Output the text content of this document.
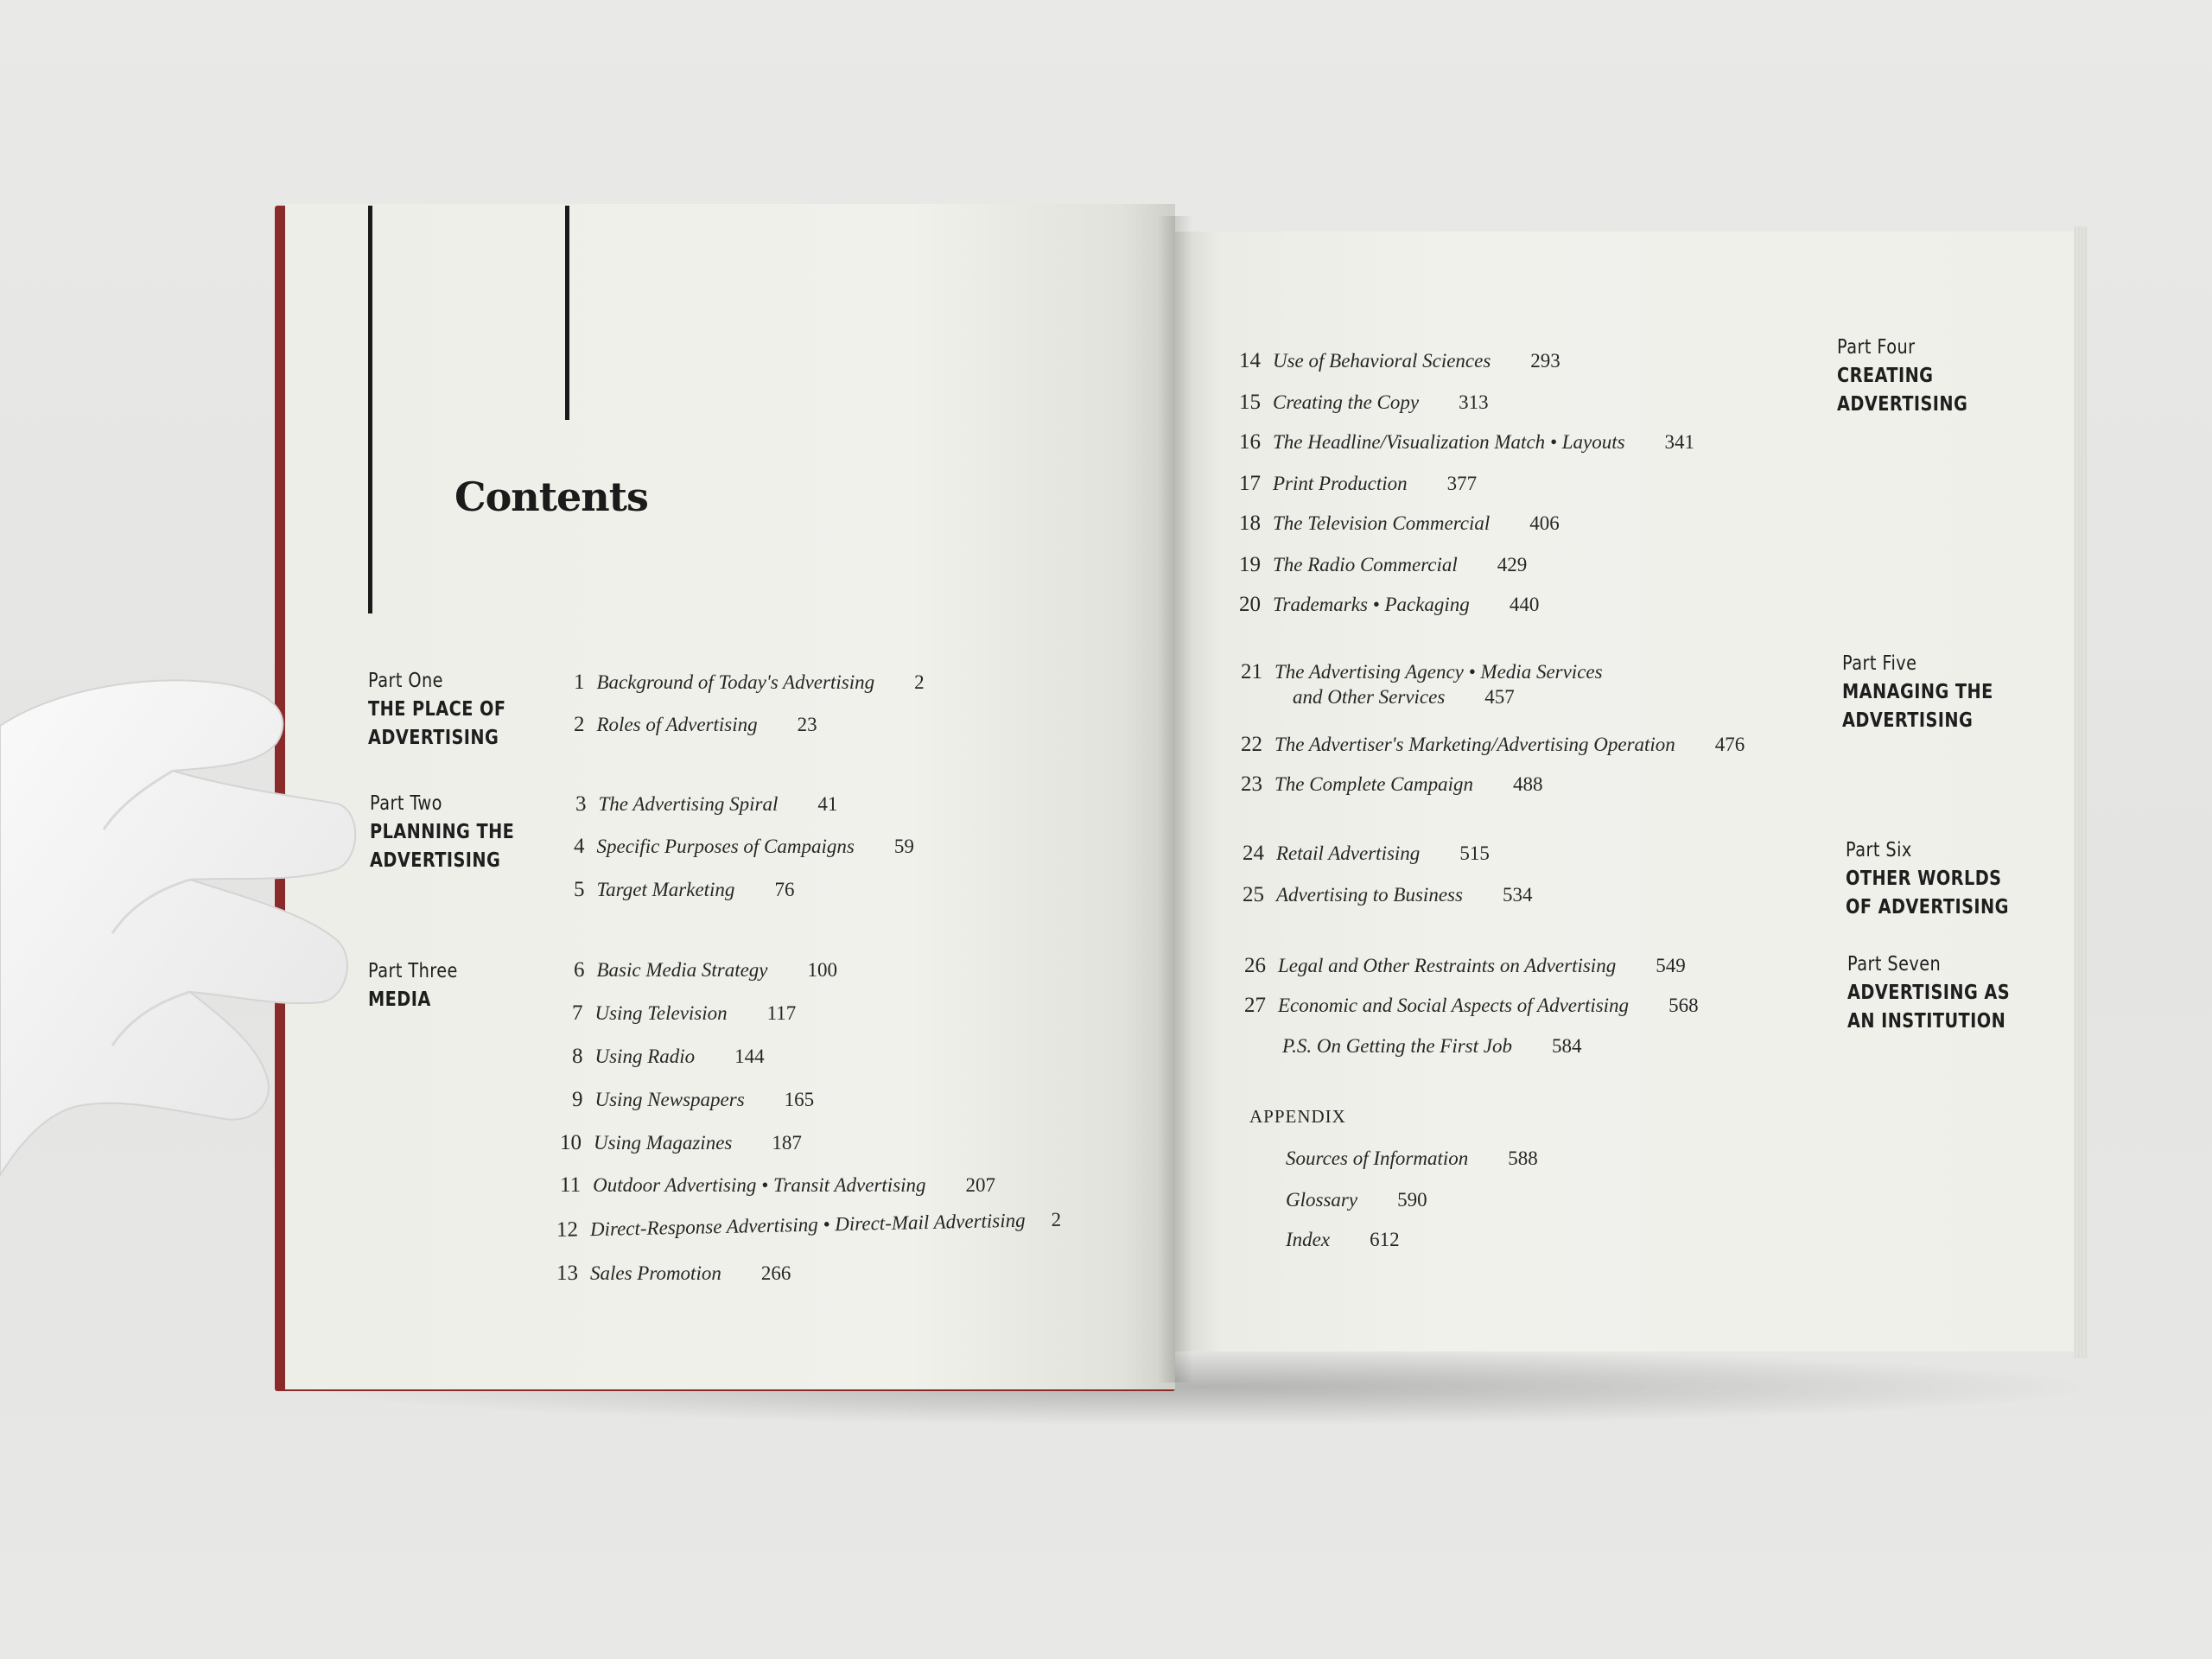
Contents
Part One
THE PLACE OF
ADVERTISING
Part Two
PLANNING THE
ADVERTISING
Part Three
MEDIA
Part Four
CREATING
ADVERTISING
Part Five
MANAGING THE
ADVERTISING
Part Six
OTHER WORLDS
OF ADVERTISING
Part Seven
ADVERTISING AS
AN INSTITUTION
1 Background of Today's Advertising 2
2 Roles of Advertising 23
3 The Advertising Spiral 41
4 Specific Purposes of Campaigns 59
5 Target Marketing 76
6 Basic Media Strategy 100
7 Using Television 117
8 Using Radio 144
9 Using Newspapers 165
10 Using Magazines 187
11 Outdoor Advertising • Transit Advertising 207
12 Direct-Response Advertising • Direct-Mail Advertising 2
13 Sales Promotion 266
14 Use of Behavioral Sciences 293
15 Creating the Copy 313
16 The Headline/Visualization Match • Layouts 341
17 Print Production 377
18 The Television Commercial 406
19 The Radio Commercial 429
20 Trademarks • Packaging 440
21 The Advertising Agency • Media Services
and Other Services 457
22 The Advertiser's Marketing/Advertising Operation 476
23 The Complete Campaign 488
24 Retail Advertising 515
25 Advertising to Business 534
26 Legal and Other Restraints on Advertising 549
27 Economic and Social Aspects of Advertising 568
P.S. On Getting the First Job 584
APPENDIX
Sources of Information 588
Glossary 590
Index 612
